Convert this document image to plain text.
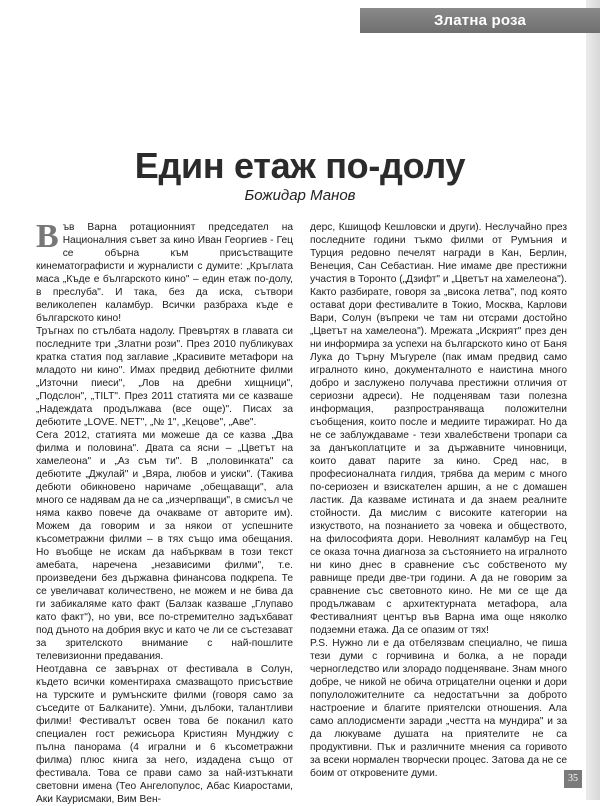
Златна роза
Един етаж по-долу
Божидар Манов
В ъв Варна ротационният председател на Националния съвет за кино Иван Георгиев - Гец се обърна към присъстващите кинематографисти и журналисти с думите: „Кръглата маса „Къде е българското кино" – един етаж по-долу, в преслуба". И така, без да иска, сътвори великолепен каламбур. Всички разбраха къде е българското кино!

Тръгнах по стълбата надолу. Превъртях в главата си последните три „Златни рози". През 2010 публикувах кратка статия под заглавие „Красивите метафори на младото ни кино". Имах предвид дебютните филми „Източни пиеси", „Лов на дребни хищници", „Подслон", „TILT". През 2011 статията ми се казваше „Надеждата продължава (все още)". Писах за дебютите „LOVE. NET", „№ 1", „Кецове", „Аве".

Сега 2012, статията ми можеше да се казва „Два филма и половина". Двата са ясни – „Цветът на хамелеона" и „Аз съм ти". В „половинката" са дебютите „Джулай" и „Вяра, любов и уиски". (Такива дебюти обикновено наричаме „обещаващи", ала много се надявам да не са „изчерпващи", в смисъл че няма какво повече да очакваме от авторите им). Можем да говорим и за някои от успешните късометражни филми – в тях също има обещания. Но въобще не искам да набърквам в този текст амебата, наречена „независими филми", т.е. произведени без държавна финансова подкрепа. Те се увеличават количествено, не можем и не бива да ги забикаляме като факт (Балзак казваше „Глупаво като факт"), но уви, все по-стремително задъхбават под дъното на добрия вкус и като че ли се състезават за зрителското внимание с най-пошлите телевизионни предавания.

Неотдавна се завърнах от фестивала в Солун, където всички коментираха смазващото присъствие на турските и румънските филми (говоря само за съседите от Балканите). Умни, дълбоки, талантливи филми! Фестивалът освен това бе поканил като специален гост режисьора Кристиян Мунджиу с пълна панорама (4 игрални и 6 късометражни филма) плюс книга за него, издадена също от фестивала. Това се прави само за най-изтъкнати световни имена (Тео Ангелопулос, Абас Киаростами, Аки Каурисмаки, Вим Вен-

дерс, Кшищоф Кешловски и други). Неслучайно през последните години тъкмо филми от Румъния и Турция редовно печелят награди в Кан, Берлин, Венеция, Сан Себастиан. Ние имаме две престижни участия в Торонто („Дзифт" и „Цветът на хамелеона"). Както разбирате, говоря за „висока летва", под която оставаt дори фестивалите в Токио, Москва, Карлови Вари, Солун (въпреки че там ни отсрами достойно „Цветът на хамелеона"). Мрежата „Искрият" през ден ни информира за успехи на българското кино от Баня Лука до Търну Мъгуреле (пак имам предвид само игралното кино, документалното е наистина много добро и заслужено получава престижни отличия от сериозни адреси). Не подценявам тази полезна информация, разпространяваща положителни съобщения, които после и медиите тиражират. Но да не се заблуждаваме - тези хвалебствени тропари са за данъкоплатците и за държавните чиновници, които дават парите за кино. Сред нас, в професионалната гилдия, трябва да мерим с много по-сериозен и взискателен аршин, а не с домашен ластик. Да казваме истината и да знаем реалните стойности. Да мислим с високите категории на изкуството, на познанието за човека и обществото, на философията дори. Неволният каламбур на Гец се оказа точна диагноза за състоянието на игралното ни кино днес в сравнение със собственото му равнище преди две-три години. А да не говорим за сравнение със световното кино. Не ми се ще да продължавам с архитектурната метафора, ала Фестивалният център във Варна има още няколко подземни етажа. Да се опазим от тях!

P.S. Нужно ли е да отбелязвам специално, че пиша тези думи с горчивина и болка, а не поради черногледство или злорадо подценяване. Знам много добре, че никой не обича отрицателни оценки и дори популоложителните са недостатъчни за доброто настроение и благите приятелски отношения. Ала само аплодисменти заради „честта на мундира" и за да люкуваме душата на приятелите не са продуктивни. Пък и различните мнения са горивото за всеки нормален творчески процес. Затова да не се боим от откровените думи.	35
